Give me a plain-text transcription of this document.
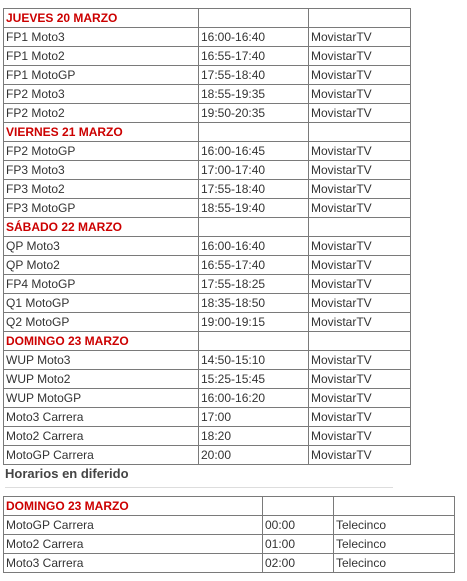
JUEVES 20 MARZO		
FP1 Moto3	16:00-16:40	MovistarTV
FP1 Moto2	16:55-17:40	MovistarTV
FP1 MotoGP	17:55-18:40	MovistarTV
FP2 Moto3	18:55-19:35	MovistarTV
FP2 Moto2	19:50-20:35	MovistarTV
VIERNES 21 MARZO		
FP2 MotoGP	16:00-16:45	MovistarTV
FP3 Moto3	17:00-17:40	MovistarTV
FP3 Moto2	17:55-18:40	MovistarTV
FP3 MotoGP	18:55-19:40	MovistarTV
SÁBADO 22 MARZO		
QP Moto3	16:00-16:40	MovistarTV
QP Moto2	16:55-17:40	MovistarTV
FP4 MotoGP	17:55-18:25	MovistarTV
Q1 MotoGP	18:35-18:50	MovistarTV
Q2 MotoGP	19:00-19:15	MovistarTV
DOMINGO 23 MARZO		
WUP Moto3	14:50-15:10	MovistarTV
WUP Moto2	15:25-15:45	MovistarTV
WUP MotoGP	16:00-16:20	MovistarTV
Moto3 Carrera	17:00	MovistarTV
Moto2 Carrera	18:20	MovistarTV
MotoGP Carrera	20:00	MovistarTV
Horarios en diferido
DOMINGO 23 MARZO		
MotoGP Carrera	00:00	Telecinco
Moto2 Carrera	01:00	Telecinco
Moto3 Carrera	02:00	Telecinco
